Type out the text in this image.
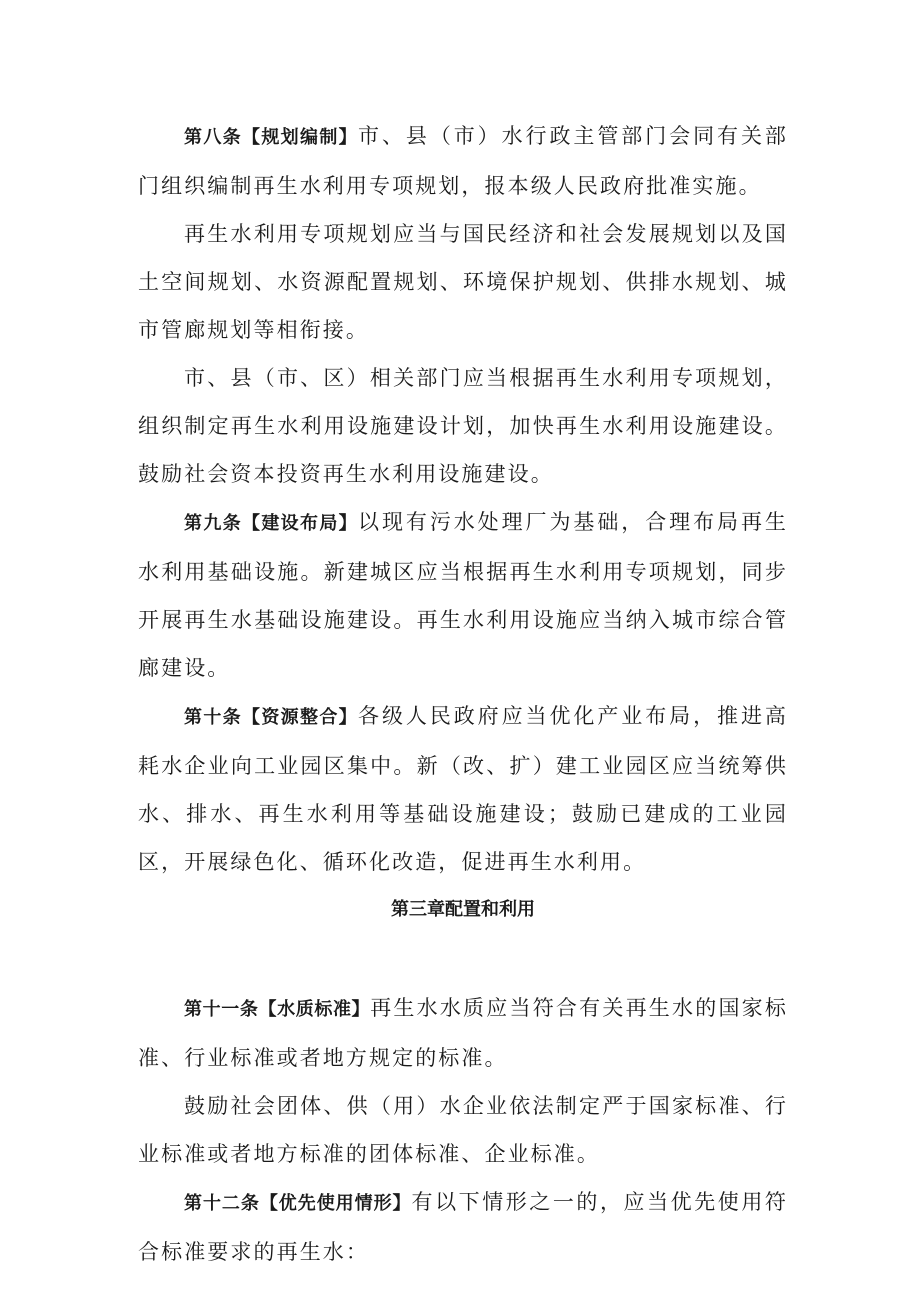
第八条【规划编制】市、县（市）水行政主管部门会同有关部门组织编制再生水利用专项规划，报本级人民政府批准实施。

再生水利用专项规划应当与国民经济和社会发展规划以及国土空间规划、水资源配置规划、环境保护规划、供排水规划、城市管廊规划等相衔接。

市、县（市、区）相关部门应当根据再生水利用专项规划，组织制定再生水利用设施建设计划，加快再生水利用设施建设。鼓励社会资本投资再生水利用设施建设。

第九条【建设布局】以现有污水处理厂为基础，合理布局再生水利用基础设施。新建城区应当根据再生水利用专项规划，同步开展再生水基础设施建设。再生水利用设施应当纳入城市综合管廊建设。

第十条【资源整合】各级人民政府应当优化产业布局，推进高耗水企业向工业园区集中。新（改、扩）建工业园区应当统筹供水、排水、再生水利用等基础设施建设；鼓励已建成的工业园区，开展绿色化、循环化改造，促进再生水利用。

第三章配置和利用

第十一条【水质标准】再生水水质应当符合有关再生水的国家标准、行业标准或者地方规定的标准。

鼓励社会团体、供（用）水企业依法制定严于国家标准、行业标准或者地方标准的团体标准、企业标准。

第十二条【优先使用情形】有以下情形之一的，应当优先使用符合标准要求的再生水：
